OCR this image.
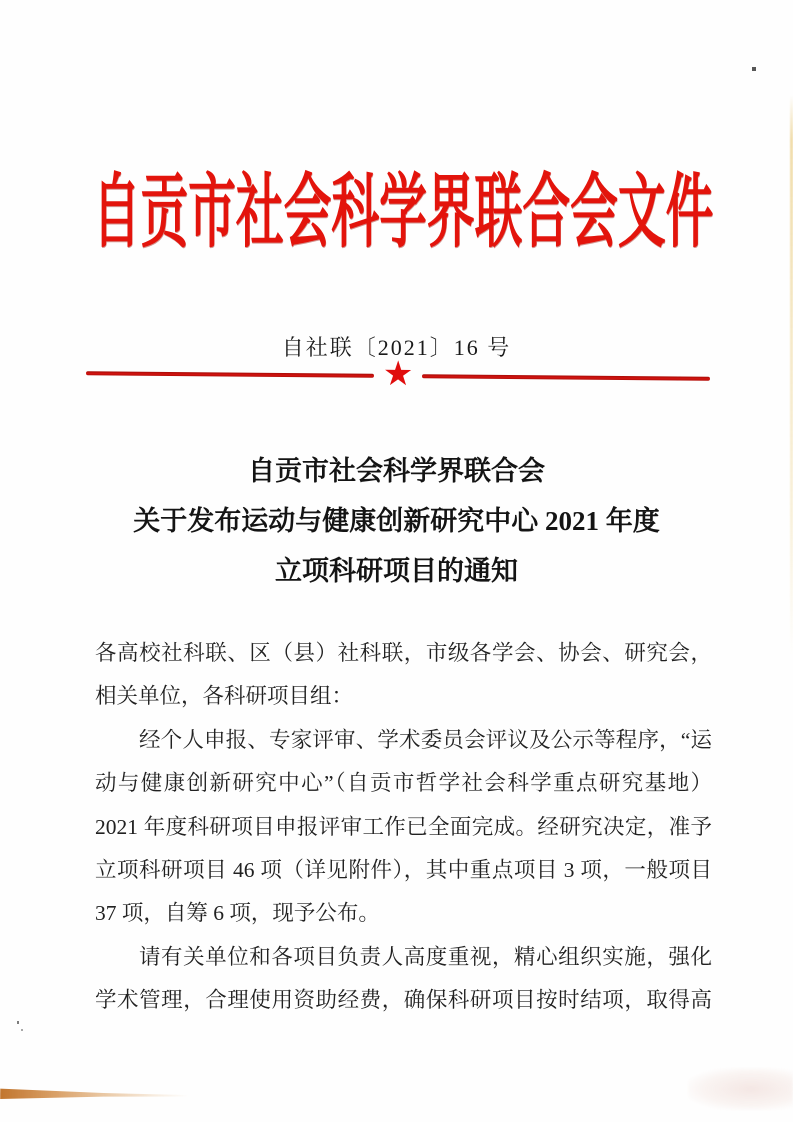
自贡市社会科学界联合会文件
自社联〔2021〕16 号
★
自贡市社会科学界联合会
关于发布运动与健康创新研究中心 2021 年度
立项科研项目的通知
各高校社科联、区（县）社科联，市级各学会、协会、研究会，
相关单位，各科研项目组：
经个人申报、专家评审、学术委员会评议及公示等程序，“运
动与健康创新研究中心”（自贡市哲学社会科学重点研究基地）
2021 年度科研项目申报评审工作已全面完成。经研究决定，准予
立项科研项目 46 项（详见附件），其中重点项目 3 项，一般项目
37 项，自筹 6 项，现予公布。
请有关单位和各项目负责人高度重视，精心组织实施，强化
学术管理，合理使用资助经费，确保科研项目按时结项，取得高
